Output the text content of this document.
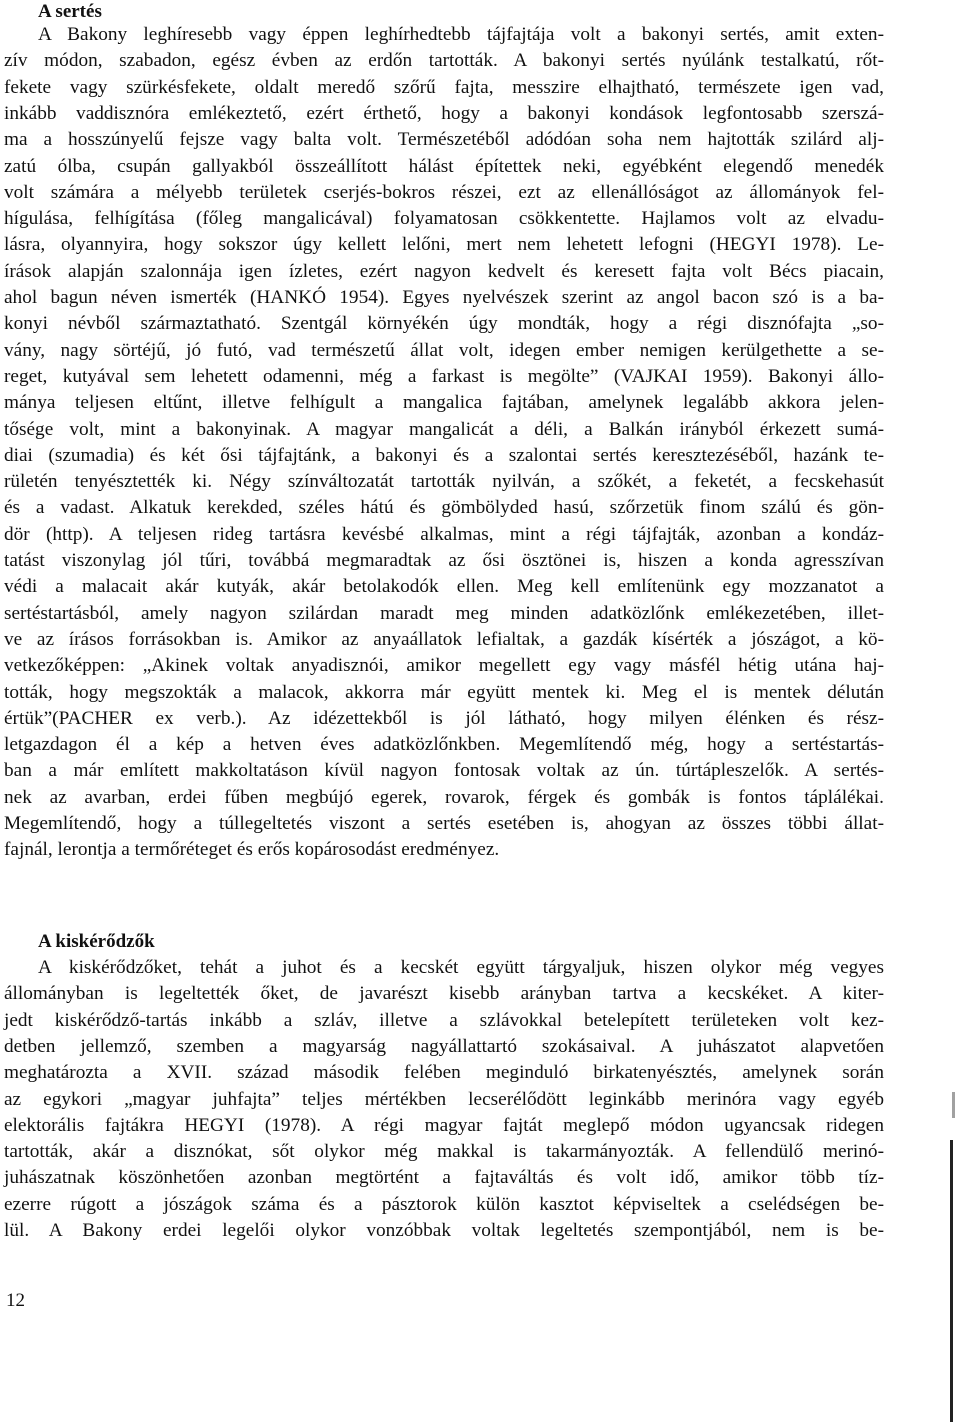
A sertés
A Bakony leghíresebb vagy éppen leghírhedtebb tájfajtája volt a bakonyi sertés, amit exten-
zív módon, szabadon, egész évben az erdőn tartották. A bakonyi sertés nyúlánk testalkatú, rőt-
fekete vagy szürkésfekete, oldalt meredő szőrű fajta, messzire elhajtható, természete igen vad,
inkább vaddisznóra emlékeztető, ezért érthető, hogy a bakonyi kondások legfontosabb szerszá-
ma a hosszúnyelű fejsze vagy balta volt. Természetéből adódóan soha nem hajtották szilárd alj-
zatú ólba, csupán gallyakból összeállított hálást építettek neki, egyébként elegendő menedék
volt számára a mélyebb területek cserjés-bokros részei, ezt az ellenállóságot az állományok fel-
hígulása, felhígítása (főleg mangalicával) folyamatosan csökkentette. Hajlamos volt az elvadu-
lásra, olyannyira, hogy sokszor úgy kellett lelőni, mert nem lehetett lefogni (HEGYI 1978). Le-
írások alapján szalonnája igen ízletes, ezért nagyon kedvelt és keresett fajta volt Bécs piacain,
ahol bagun néven ismerték (HANKÓ 1954). Egyes nyelvészek szerint az angol bacon szó is a ba-
konyi névből származtatható. Szentgál környékén úgy mondták, hogy a régi disznófajta „so-
vány, nagy sörtéjű, jó futó, vad természetű állat volt, idegen ember nemigen kerülgethette a se-
reget, kutyával sem lehetett odamenni, még a farkast is megölte” (VAJKAI 1959). Bakonyi állo-
mánya teljesen eltűnt, illetve felhígult a mangalica fajtában, amelynek legalább akkora jelen-
tősége volt, mint a bakonyinak. A magyar mangalicát a déli, a Balkán irányból érkezett sumá-
diai (szumadia) és két ősi tájfajtánk, a bakonyi és a szalontai sertés keresztezéséből, hazánk te-
rületén tenyésztették ki. Négy színváltozatát tartották nyilván, a szőkét, a feketét, a fecskehasút
és a vadast. Alkatuk kerekded, széles hátú és gömbölyded hasú, szőrzetük finom szálú és gön-
dör (http). A teljesen rideg tartásra kevésbé alkalmas, mint a régi tájfajták, azonban a kondáz-
tatást viszonylag jól tűri, továbbá megmaradtak az ősi ösztönei is, hiszen a konda agresszívan
védi a malacait akár kutyák, akár betolakodók ellen. Meg kell említenünk egy mozzanatot a
sertéstartásból, amely nagyon szilárdan maradt meg minden adatközlőnk emlékezetében, illet-
ve az írásos forrásokban is. Amikor az anyaállatok lefialtak, a gazdák kísérték a jószágot, a kö-
vetkezőképpen: „Akinek voltak anyadisznói, amikor megellett egy vagy másfél hétig utána haj-
tották, hogy megszokták a malacok, akkorra már együtt mentek ki. Meg el is mentek délután
értük”(PACHER ex verb.). Az idézettekből is jól látható, hogy milyen élénken és rész-
letgazdagon él a kép a hetven éves adatközlőnkben. Megemlítendő még, hogy a sertéstartás-
ban a már említett makkoltatáson kívül nagyon fontosak voltak az ún. túrtápleszelők. A sertés-
nek az avarban, erdei fűben megbújó egerek, rovarok, férgek és gombák is fontos táplálékai.
Megemlítendő, hogy a túllegeltetés viszont a sertés esetében is, ahogyan az összes többi állat-
fajnál, lerontja a termőréteget és erős kopárosodást eredményez.
A kiskérődzők
A kiskérődzőket, tehát a juhot és a kecskét együtt tárgyaljuk, hiszen olykor még vegyes
állományban is legeltették őket, de javarészt kisebb arányban tartva a kecskéket. A kiter-
jedt kiskérődző-tartás inkább a szláv, illetve a szlávokkal betelepített területeken volt kez-
detben jellemző, szemben a magyarság nagyállattartó szokásaival. A juhászatot alapvetően
meghatározta a XVII. század második felében meginduló birkatenyésztés, amelynek során
az egykori „magyar juhfajta” teljes mértékben lecserélődött leginkább merinóra vagy egyéb
elektorális fajtákra HEGYI (1978). A régi magyar fajtát meglepő módon ugyancsak ridegen
tartották, akár a disznókat, sőt olykor még makkal is takarmányozták. A fellendülő merinó-
juhászatnak köszönhetően azonban megtörtént a fajtaváltás és volt idő, amikor több tíz-
ezerre rúgott a jószágok száma és a pásztorok külön kasztot képviseltek a cselédségen be-
lül. A Bakony erdei legelői olykor vonzóbbak voltak legeltetés szempontjából, nem is be-
12
